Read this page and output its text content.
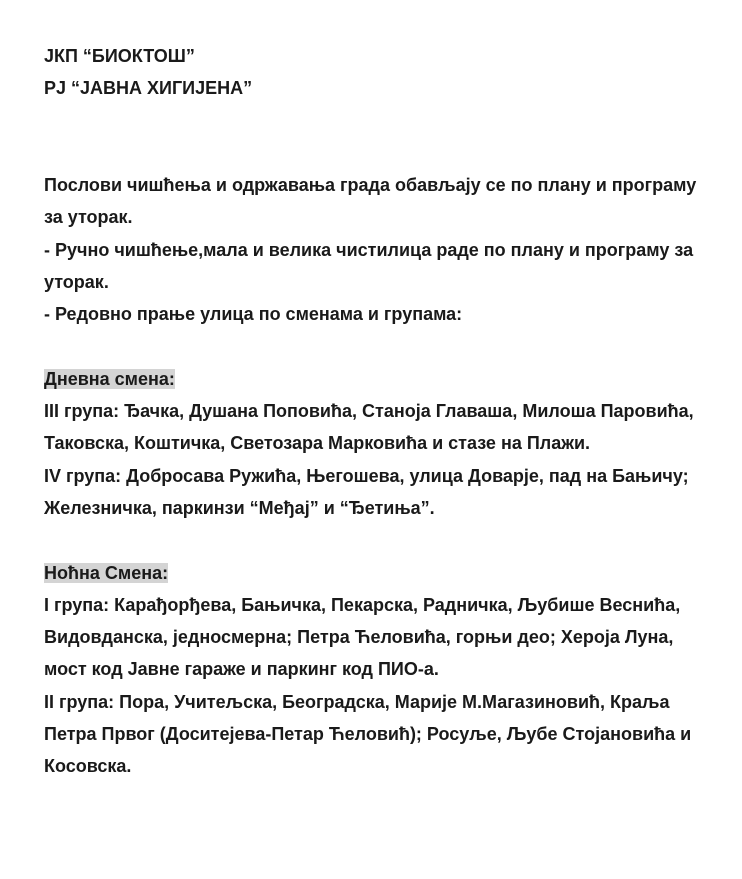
ЈКП “БИОКТОШ”
РЈ “ЈАВНА ХИГИЈЕНА”

Послови чишћења и одржавања града обављају се по плану и програму за уторак.

- Ручно чишћење,мала и велика чистилица раде по плану и програму за уторак.

- Редовно прање улица по сменама и групама:

Дневна смена:

III група: Ђачка, Душана Поповића, Станоја Главаша, Милоша Паровића, Таковска, Коштичка, Светозара Марковића и стазе на Плажи.

IV група: Добросава Ружића, Његошева, улица Доварје, пад на Бањичу; Железничка, паркинзи “Међај” и “Ђетиња”.

Ноћна Смена:

I група: Карађорђева, Бањичка, Пекарска, Радничка, Љубише Веснића, Видовданска, једносмерна; Петра Ћеловића, горњи део; Хероја Луна, мост код Јавне гараже и паркинг код ПИО-а.

II група: Пора, Учитељска, Београдска, Марије М.Магазиновић, Краља Петра Првог (Доситејева-Петар Ћеловић); Росуље, Љубе Стојановића и Косовска.
